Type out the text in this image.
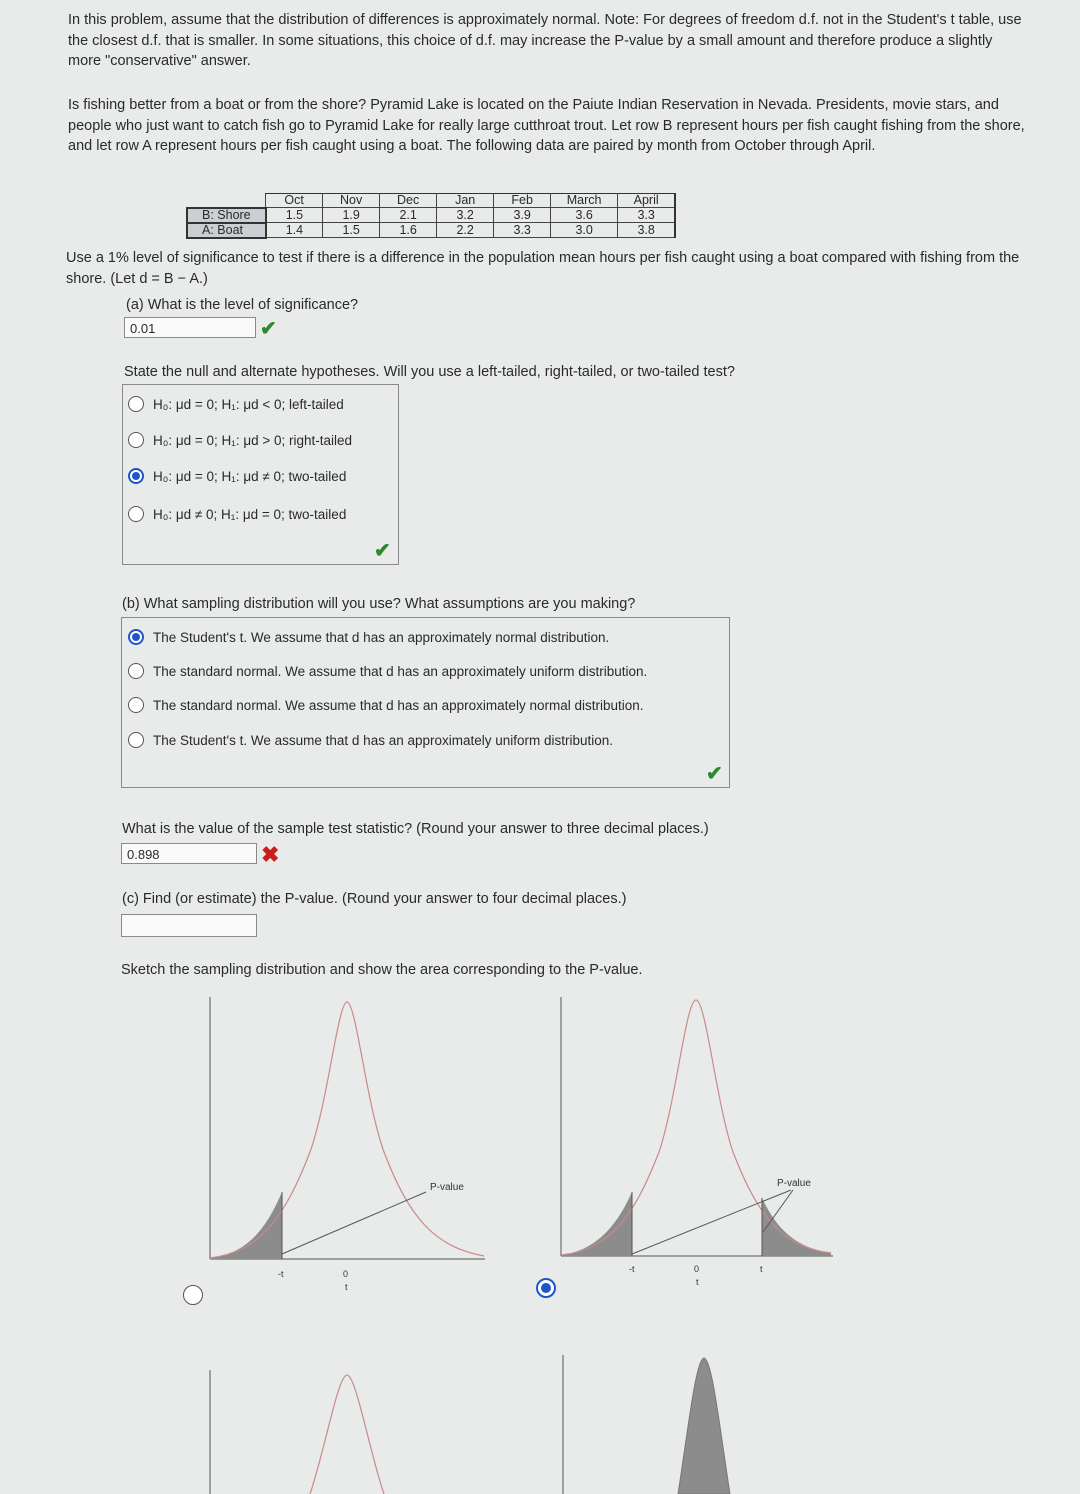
In this problem, assume that the distribution of differences is approximately normal. Note: For degrees of freedom d.f. not in the Student's t table, use the closest d.f. that is smaller. In some situations, this choice of d.f. may increase the P-value by a small amount and therefore produce a slightly more "conservative" answer.
Is fishing better from a boat or from the shore? Pyramid Lake is located on the Paiute Indian Reservation in Nevada. Presidents, movie stars, and people who just want to catch fish go to Pyramid Lake for really large cutthroat trout. Let row B represent hours per fish caught fishing from the shore, and let row A represent hours per fish caught using a boat. The following data are paired by month from October through April.
	Oct	Nov	Dec	Jan	Feb	March	April
B: Shore	1.5	1.9	2.1	3.2	3.9	3.6	3.3
A: Boat	1.4	1.5	1.6	2.2	3.3	3.0	3.8
Use a 1% level of significance to test if there is a difference in the population mean hours per fish caught using a boat compared with fishing from the shore. (Let d = B − A.)
(a) What is the level of significance?
0.01	✔
State the null and alternate hypotheses. Will you use a left-tailed, right-tailed, or two-tailed test?
H₀: μd = 0; H₁: μd < 0; left-tailed
H₀: μd = 0; H₁: μd > 0; right-tailed
H₀: μd = 0; H₁: μd ≠ 0; two-tailed
H₀: μd ≠ 0; H₁: μd = 0; two-tailed
✔
(b) What sampling distribution will you use? What assumptions are you making?
The Student's t. We assume that d has an approximately normal distribution.
The standard normal. We assume that d has an approximately uniform distribution.
The standard normal. We assume that d has an approximately normal distribution.
The Student's t. We assume that d has an approximately uniform distribution.
✔
What is the value of the sample test statistic? (Round your answer to three decimal places.)
0.898	✖
(c) Find (or estimate) the P-value. (Round your answer to four decimal places.)
Sketch the sampling distribution and show the area corresponding to the P-value.
P-value
-t	0
t
P-value
-t	0
t
t
